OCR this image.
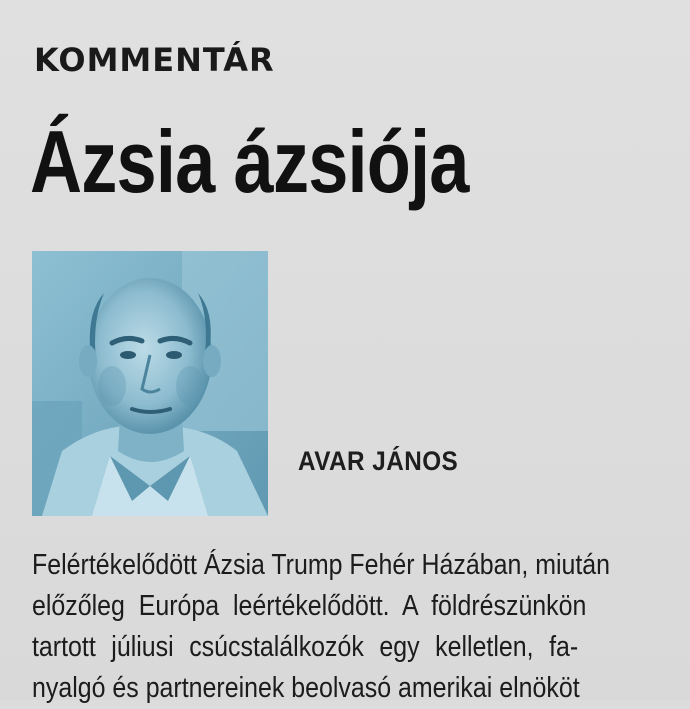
KOMMENTÁR
Ázsia ázsiója
AVAR JÁNOS
Felértékelődött Ázsia Trump Fehér Házában, miután
előzőleg Európa leértékelődött. A földrészünkön
tartott júliusi csúcstalálkozók egy kelletlen, fa-
nyalgó és partnereinek beolvasó amerikai elnököt
